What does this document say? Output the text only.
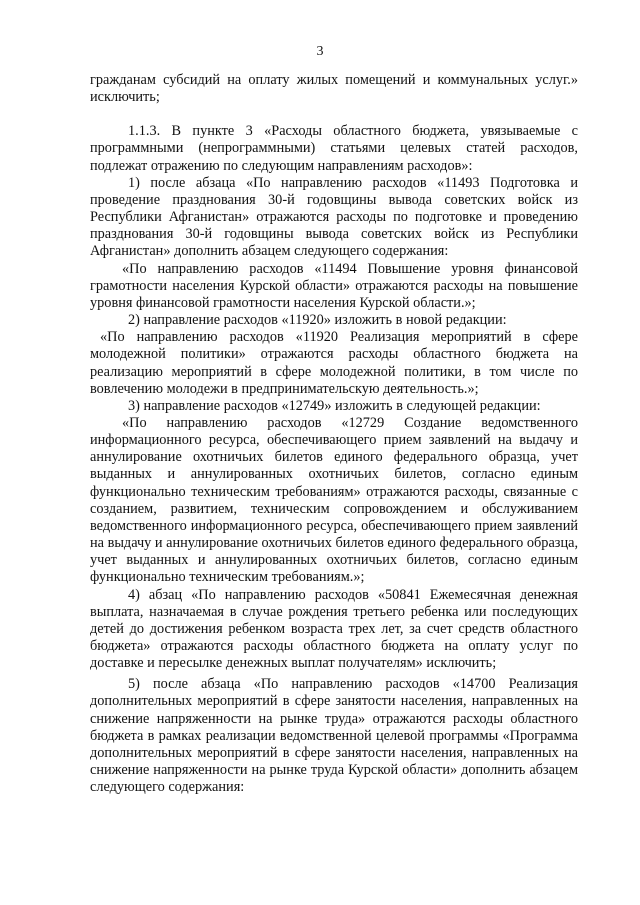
3

гражданам субсидий на оплату жилых помещений и коммунальных услуг.» исключить;

1.1.3. В пункте 3 «Расходы областного бюджета, увязываемые с программными (непрограммными) статьями целевых статей расходов, подлежат отражению по следующим направлениям расходов»:

1) после абзаца «По направлению расходов «11493 Подготовка и проведение празднования 30-й годовщины вывода советских войск из Республики Афганистан» отражаются расходы по подготовке и проведению празднования 30-й годовщины вывода советских войск из Республики Афганистан» дополнить абзацем следующего содержания:

«По направлению расходов «11494 Повышение уровня финансовой грамотности населения Курской области» отражаются расходы на повышение уровня финансовой грамотности населения Курской области.»;

2) направление расходов «11920» изложить в новой редакции:

«По направлению расходов «11920 Реализация мероприятий в сфере молодежной политики» отражаются расходы областного бюджета на реализацию мероприятий в сфере молодежной политики, в том числе по вовлечению молодежи в предпринимательскую деятельность.»;

3) направление расходов «12749» изложить в следующей редакции:

«По направлению расходов «12729 Создание ведомственного информационного ресурса, обеспечивающего прием заявлений на выдачу и аннулирование охотничьих билетов единого федерального образца, учет выданных и аннулированных охотничьих билетов, согласно единым функционально техническим требованиям» отражаются расходы, связанные с созданием, развитием, техническим сопровождением и обслуживанием ведомственного информационного ресурса, обеспечивающего прием заявлений на выдачу и аннулирование охотничьих билетов единого федерального образца, учет выданных и аннулированных охотничьих билетов, согласно единым функционально техническим требованиям.»;

4) абзац «По направлению расходов «50841 Ежемесячная денежная выплата, назначаемая в случае рождения третьего ребенка или последующих детей до достижения ребенком возраста трех лет, за счет средств областного бюджета» отражаются расходы областного бюджета на оплату услуг по доставке и пересылке денежных выплат получателям» исключить;

5) после абзаца «По направлению расходов «14700 Реализация дополнительных мероприятий в сфере занятости населения, направленных на снижение напряженности на рынке труда» отражаются расходы областного бюджета в рамках реализации ведомственной целевой программы «Программа дополнительных мероприятий в сфере занятости населения, направленных на снижение напряженности на рынке труда Курской области» дополнить абзацем следующего содержания:
